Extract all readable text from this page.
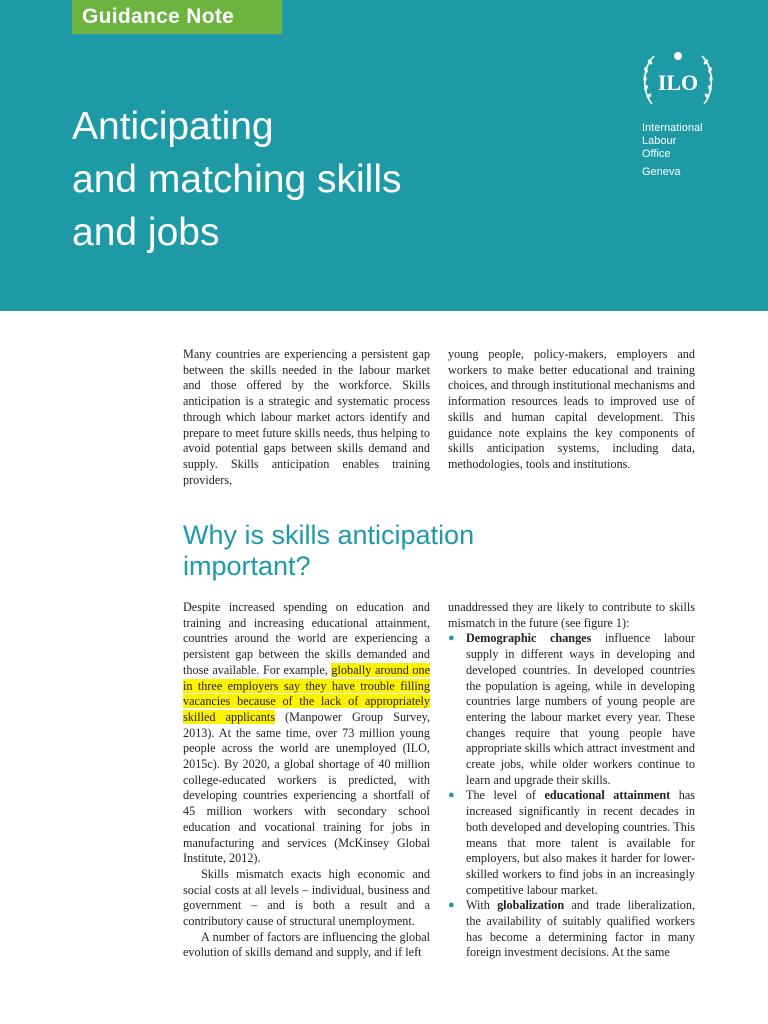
Guidance Note
Anticipating
and matching skills
and jobs
ILO
International
Labour
Office
Geneva
Many countries are experiencing a persistent gap between the skills needed in the labour market and those offered by the workforce. Skills anticipation is a strategic and systematic process through which labour market actors identify and prepare to meet future skills needs, thus helping to avoid potential gaps between skills demand and supply. Skills anticipation enables training providers,
young people, policy-makers, employers and workers to make better educational and training choices, and through institutional mechanisms and information resources leads to improved use of skills and human capital development. This guidance note explains the key components of skills anticipation systems, including data, methodologies, tools and institutions.
Why is skills anticipation
important?

Despite increased spending on education and training and increasing educational attainment, countries around the world are experiencing a persistent gap between the skills demanded and those available. For example, globally around one in three employers say they have trouble filling vacancies because of the lack of appropriately skilled applicants (Manpower Group Survey, 2013). At the same time, over 73 million young people across the world are unemployed (ILO, 2015c). By 2020, a global shortage of 40 million college-educated workers is predicted, with developing countries experiencing a shortfall of 45 million workers with secondary school education and vocational training for jobs in manufacturing and services (McKinsey Global Institute, 2012).

Skills mismatch exacts high economic and social costs at all levels – individual, business and government – and is both a result and a contributory cause of structural unemployment.

A number of factors are influencing the global evolution of skills demand and supply, and if left

unaddressed they are likely to contribute to skills mismatch in the future (see figure 1):

● Demographic changes influence labour supply in different ways in developing and developed countries. In developed countries the population is ageing, while in developing countries large numbers of young people are entering the labour market every year. These changes require that young people have appropriate skills which attract investment and create jobs, while older workers continue to learn and upgrade their skills.
● The level of educational attainment has increased significantly in recent decades in both developed and developing countries. This means that more talent is available for employers, but also makes it harder for lower-skilled workers to find jobs in an increasingly competitive labour market.
● With globalization and trade liberalization, the availability of suitably qualified workers has become a determining factor in many foreign investment decisions. At the same
